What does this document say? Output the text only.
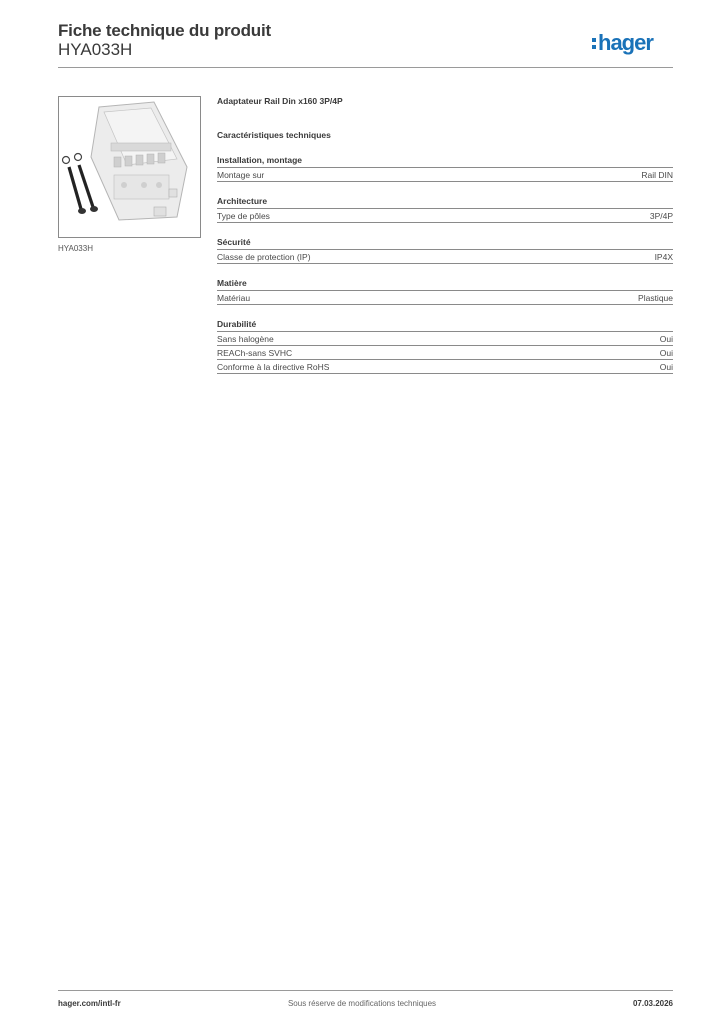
Fiche technique du produit
HYA033H	hager
HYA033H
Adaptateur Rail Din x160 3P/4P
Caractéristiques techniques
Installation, montage
Montage sur	Rail DIN
Architecture
Type de pôles	3P/4P
Sécurité
Classe de protection (IP)	IP4X
Matière
Matériau	Plastique
Durabilité
Sans halogène	Oui
REACh-sans SVHC	Oui
Conforme à la directive RoHS	Oui
hager.com/intl-fr	Sous réserve de modifications techniques	07.03.2026
